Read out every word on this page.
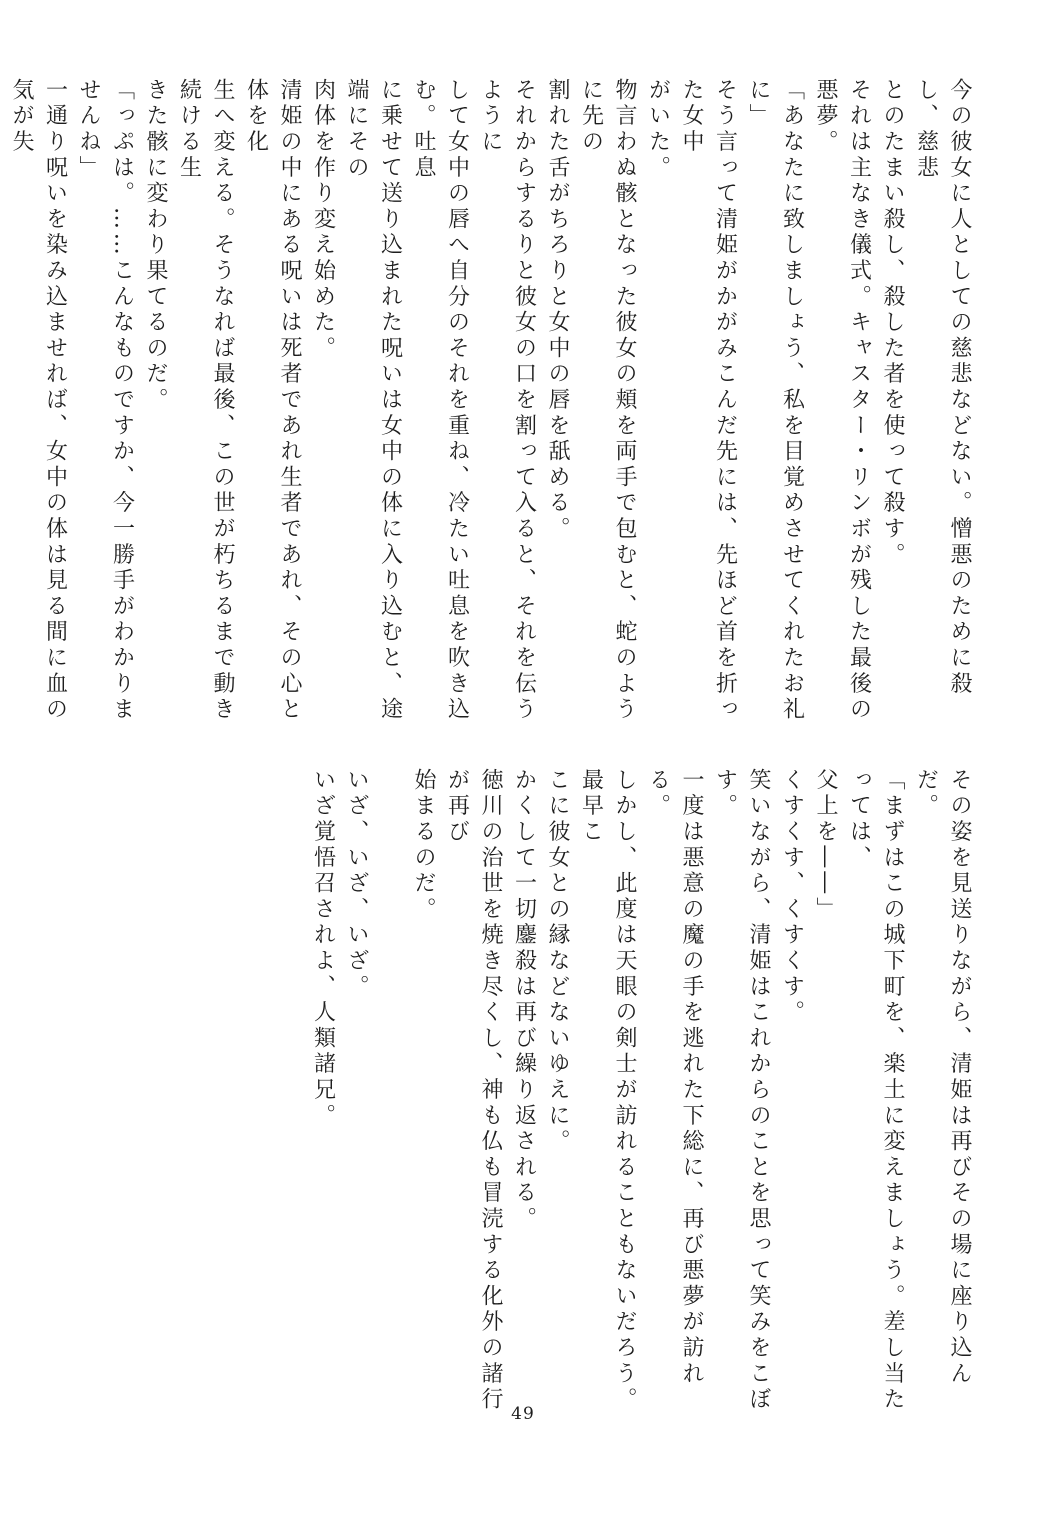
今の彼女に人としての慈悲などない。憎悪のために殺し、慈悲

とのたまい殺し、殺した者を使って殺す。

それは主なき儀式。キャスター・リンボが残した最後の悪夢。

「あなたに致しましょう、私を目覚めさせてくれたお礼に」

そう言って清姫がかがみこんだ先には、先ほど首を折った女中

がいた。

物言わぬ骸となった彼女の頬を両手で包むと、蛇のように先の

割れた舌がちろりと女中の唇を舐める。

それからするりと彼女の口を割って入ると、それを伝うように

して女中の唇へ自分のそれを重ね、冷たい吐息を吹き込む。吐息

に乗せて送り込まれた呪いは女中の体に入り込むと、途端にその

肉体を作り変え始めた。

清姫の中にある呪いは死者であれ生者であれ、その心と体を化

生へ変える。そうなれば最後、この世が朽ちるまで動き続ける生

きた骸に変わり果てるのだ。

「っぷは。……こんなものですか、今一勝手がわかりませんね」

一通り呪いを染み込ませれば、女中の体は見る間に血の気が失

その姿を見送りながら、清姫は再びその場に座り込んだ。

「まずはこの城下町を、楽土に変えましょう。差し当たっては、

父上を――」

くすくす、くすくす。

笑いながら、清姫はこれからのことを思って笑みをこぼす。

一度は悪意の魔の手を逃れた下総に、再び悪夢が訪れる。

しかし、此度は天眼の剣士が訪れることもないだろう。最早こ

こに彼女との縁などないゆえに。

かくして一切鏖殺は再び繰り返される。

徳川の治世を焼き尽くし、神も仏も冒涜する化外の諸行が再び

始まるのだ。

いざ、いざ、いざ。

いざ覚悟召されよ、人類諸兄。

49
